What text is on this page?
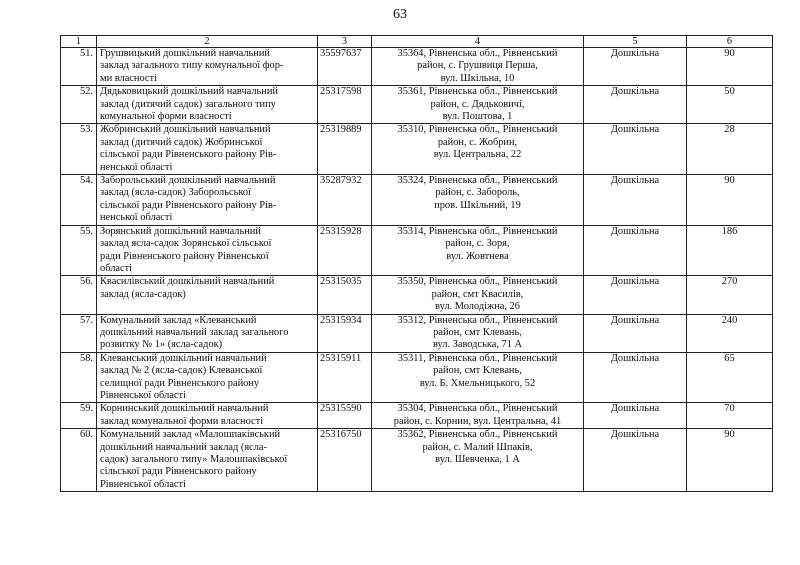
63
1	2	3	4	5	6
51.	Грушвицький дошкільний навчальний
заклад загального типу комунальної фор-
ми власності	35597637	35364, Рівненська обл., Рівненський
район, с. Грушвиця Перша,
вул. Шкільна, 10	Дошкільна	90
52.	Дядьковицький дошкільний навчальний
заклад (дитячий садок) загального типу
комунальної форми власності	25317598	35361, Рівненська обл., Рівненський
район, с. Дядьковичі,
вул. Поштова, 1	Дошкільна	50
53.	Жобринський дошкільний навчальний
заклад (дитячий садок) Жобринської
сільської ради Рівненського району Рів-
ненської області	25319889	35310, Рівненська обл., Рівненський
район, с. Жобрин,
вул. Центральна, 22	Дошкільна	28
54.	Заборольський дошкільний навчальний
заклад (ясла-садок) Заборольської
сільської ради Рівненського району Рів-
ненської області	35287932	35324, Рівненська обл., Рівненський
район, с. Забороль,
пров. Шкільний, 19	Дошкільна	90
55.	Зорянський дошкільний навчальний
заклад ясла-садок Зорянської сільської
ради Рівненського району Рівненської
області	25315928	35314, Рівненська обл., Рівненський
район, с. Зоря,
вул. Жовтнева	Дошкільна	186
56.	Квасилівський дошкільний навчальний
заклад (ясла-садок)	25315035	35350, Рівненська обл., Рівненський
район, смт Квасилів,
вул. Молодіжна, 26	Дошкільна	270
57.	Комунальний заклад «Клеванський
дошкільний навчальний заклад загального
розвитку № 1» (ясла-садок)	25315934	35312, Рівненська обл., Рівненський
район, смт Клевань,
вул. Заводська, 71 А	Дошкільна	240
58.	Клеванський дошкільний навчальний
заклад № 2 (ясла-садок) Клеванської
селищної ради Рівненського району
Рівненської області	25315911	35311, Рівненська обл., Рівненський
район, смт Клевань,
вул. Б. Хмельницького, 52	Дошкільна	65
59.	Корнинський дошкільний навчальний
заклад комунальної форми власності	25315590	35304, Рівненська обл., Рівненський
район, с. Корнин, вул. Центральна, 41	Дошкільна	70
60.	Комунальний заклад «Малошпаківський
дошкільний навчальний заклад (ясла-
садок) загального типу» Малошпаківської
сільської ради Рівненського району
Рівненської області	25316750	35362, Рівненська обл., Рівненський
район, с. Малий Шпаків,
вул. Шевченка, 1 А	Дошкільна	90
